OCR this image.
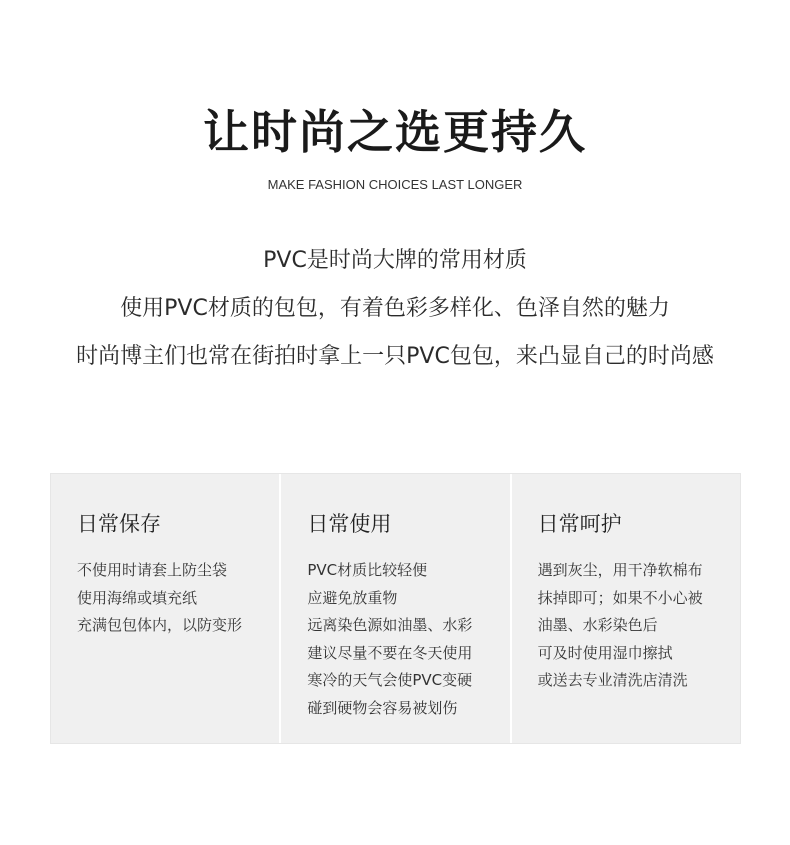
让时尚之选更持久
MAKE FASHION CHOICES LAST LONGER
PVC是时尚大牌的常用材质
使用PVC材质的包包，有着色彩多样化、色泽自然的魅力
时尚博主们也常在街拍时拿上一只PVC包包，来凸显自己的时尚感
日常保存
不使用时请套上防尘袋
使用海绵或填充纸
充满包包体内，以防变形
日常使用
PVC材质比较轻便
应避免放重物
远离染色源如油墨、水彩
建议尽量不要在冬天使用
寒冷的天气会使PVC变硬
碰到硬物会容易被划伤
日常呵护
遇到灰尘，用干净软棉布
抹掉即可；如果不小心被
油墨、水彩染色后
可及时使用湿巾擦拭
或送去专业清洗店清洗
